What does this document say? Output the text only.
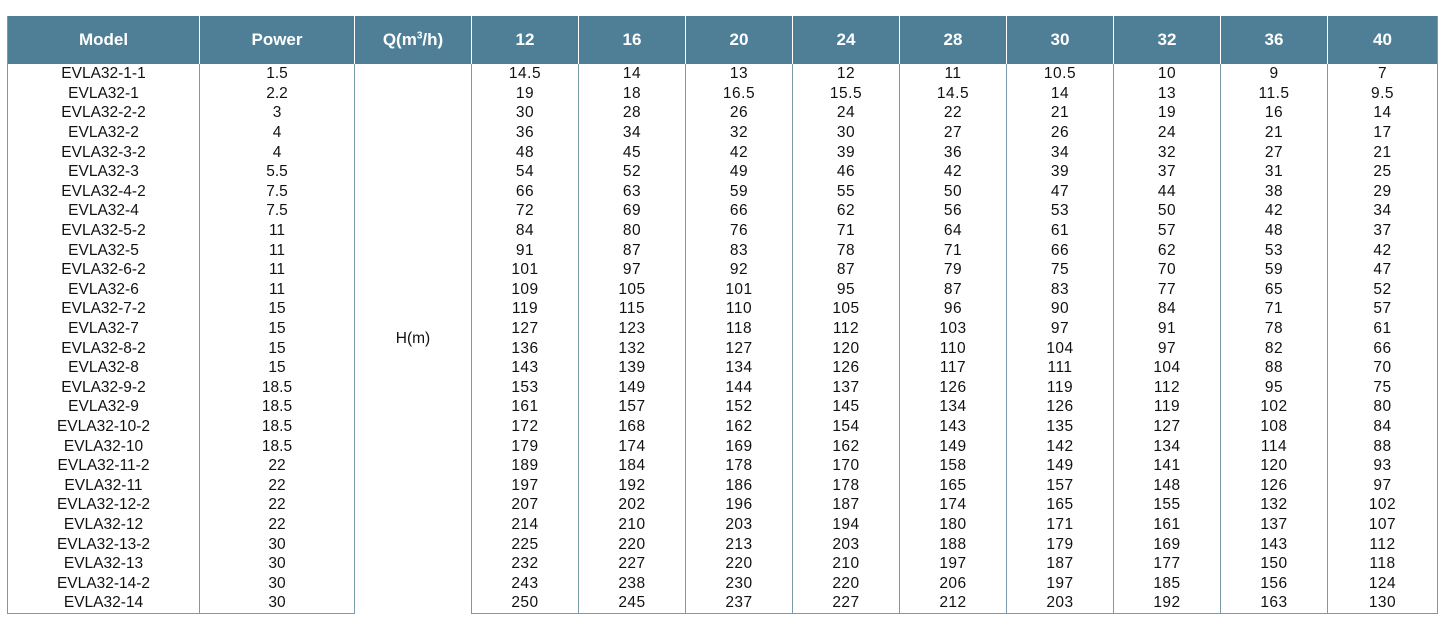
Model	Power	$Q(m^3/h)$	12	16	20	24	28	30	32	36	40
EVLA32-1-1	1.5	H(m)	14.5	14	13	12	11	10.5	10	9	7
EVLA32-1	2.2		19	18	16.5	15.5	14.5	14	13	11.5	9.5
EVLA32-2-2	3		30	28	26	24	22	21	19	16	14
EVLA32-2	4		36	34	32	30	27	26	24	21	17
EVLA32-3-2	4		48	45	42	39	36	34	32	27	21
EVLA32-3	5.5		54	52	49	46	42	39	37	31	25
EVLA32-4-2	7.5		66	63	59	55	50	47	44	38	29
EVLA32-4	7.5		72	69	66	62	56	53	50	42	34
EVLA32-5-2	11		84	80	76	71	64	61	57	48	37
EVLA32-5	11		91	87	83	78	71	66	62	53	42
EVLA32-6-2	11		101	97	92	87	79	75	70	59	47
EVLA32-6	11		109	105	101	95	87	83	77	65	52
EVLA32-7-2	15		119	115	110	105	96	90	84	71	57
EVLA32-7	15		127	123	118	112	103	97	91	78	61
EVLA32-8-2	15		136	132	127	120	110	104	97	82	66
EVLA32-8	15		143	139	134	126	117	111	104	88	70
EVLA32-9-2	18.5		153	149	144	137	126	119	112	95	75
EVLA32-9	18.5		161	157	152	145	134	126	119	102	80
EVLA32-10-2	18.5		172	168	162	154	143	135	127	108	84
EVLA32-10	18.5		179	174	169	162	149	142	134	114	88
EVLA32-11-2	22		189	184	178	170	158	149	141	120	93
EVLA32-11	22		197	192	186	178	165	157	148	126	97
EVLA32-12-2	22		207	202	196	187	174	165	155	132	102
EVLA32-12	22		214	210	203	194	180	171	161	137	107
EVLA32-13-2	30		225	220	213	203	188	179	169	143	112
EVLA32-13	30		232	227	220	210	197	187	177	150	118
EVLA32-14-2	30		243	238	230	220	206	197	185	156	124
EVLA32-14	30		250	245	237	227	212	203	192	163	130
